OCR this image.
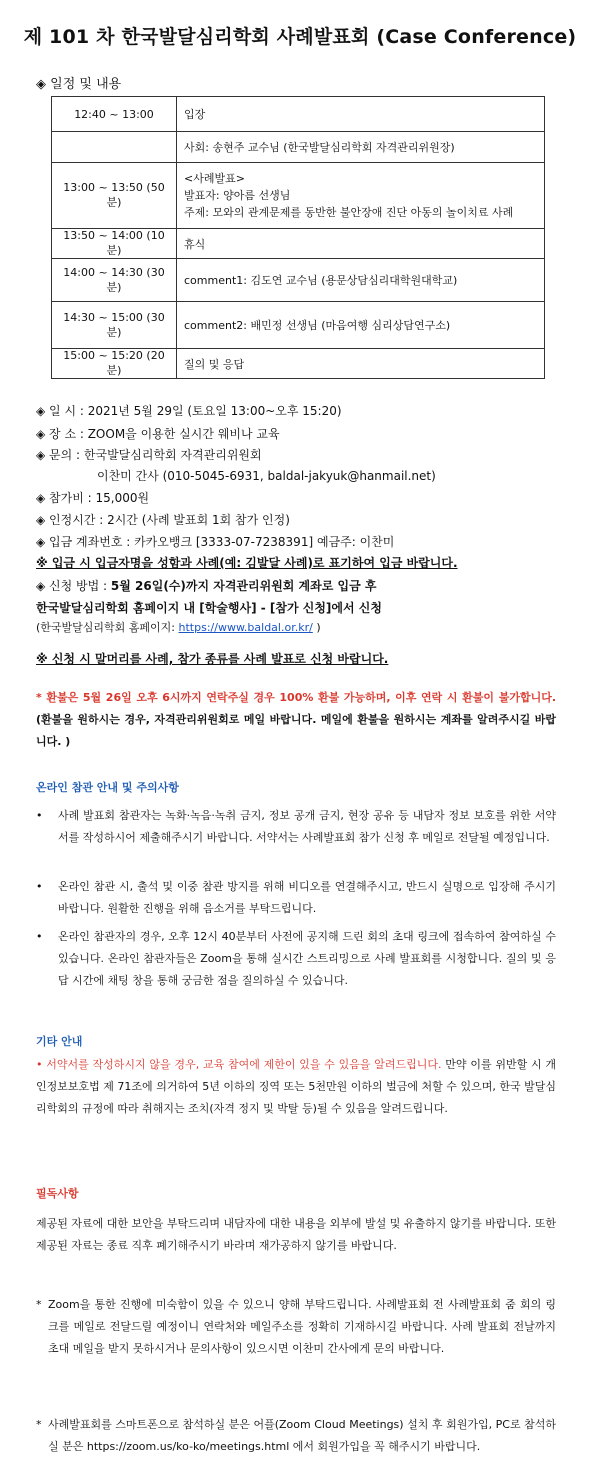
제 101 차 한국발달심리학회 사례발표회 (Case Conference)
◈ 일정 및 내용
12:40 ~ 13:00	입장
	사회: 송현주 교수님 (한국발달심리학회 자격관리위원장)
13:00 ~ 13:50 (50분)	<사례발표>
발표자: 양아름 선생님
주제: 모와의 관계문제를 동반한 불안장애 진단 아동의 놀이치료 사례

13:50 ~ 14:00 (10분)	휴식
14:00 ~ 14:30 (30분)	comment1: 김도연 교수님 (용문상담심리대학원대학교)
14:30 ~ 15:00 (30분)	comment2: 배민정 선생님 (마음여행 심리상담연구소)
15:00 ~ 15:20 (20분)	질의 및 응답
◈ 일 시 : 2021년 5월 29일 (토요일 13:00~오후 15:20)
◈ 장 소 : ZOOM을 이용한 실시간 웨비나 교육
◈ 문의 : 한국발달심리학회 자격관리위원회
이찬미 간사 (010-5045-6931, baldal-jakyuk@hanmail.net)
◈ 참가비 : 15,000원
◈ 인정시간 : 2시간 (사례 발표회 1회 참가 인정)
◈ 입금 계좌번호 : 카카오뱅크 [3333-07-7238391] 예금주: 이찬미
※ 입금 시 입금자명을 성함과 사례(예: 김발달 사례)로 표기하여 입금 바랍니다.
◈ 신청 방법 : 5월 26일(수)까지 자격관리위원회 계좌로 입금 후
한국발달심리학회 홈페이지 내 [학술행사] - [참가 신청]에서 신청
(한국발달심리학회 홈페이지: https://www.baldal.or.kr/ )
※ 신청 시 말머리를 사례, 참가 종류를 사례 발표로 신청 바랍니다.
* 환불은 5월 26일 오후 6시까지 연락주실 경우 100% 환불 가능하며, 이후 연락 시 환불이 불가합니다. (환불을 원하시는 경우, 자격관리위원회로 메일 바랍니다. 메일에 환불을 원하시는 계좌를 알려주시길 바랍니다. )
온라인 참관 안내 및 주의사항
•	사례 발표회 참관자는 녹화·녹음·녹취 금지, 정보 공개 금지, 현장 공유 등 내담자 정보 보호를 위한 서약서를 작성하시어 제출해주시기 바랍니다. 서약서는 사례발표회 참가 신청 후 메일로 전달될 예정입니다.
•	온라인 참관 시, 출석 및 이중 참관 방지를 위해 비디오를 연결해주시고, 반드시 실명으로 입장해 주시기 바랍니다. 원활한 진행을 위해 음소거를 부탁드립니다.
•	온라인 참관자의 경우, 오후 12시 40분부터 사전에 공지해 드린 회의 초대 링크에 접속하여 참여하실 수 있습니다. 온라인 참관자들은 Zoom을 통해 실시간 스트리밍으로 사례 발표회를 시청합니다. 질의 및 응답 시간에 채팅 창을 통해 궁금한 점을 질의하실 수 있습니다.
기타 안내
• 서약서를 작성하시지 않을 경우, 교육 참여에 제한이 있을 수 있음을 알려드립니다. 만약 이를 위반할 시 개인정보보호법 제 71조에 의거하여 5년 이하의 징역 또는 5천만원 이하의 벌금에 처할 수 있으며, 한국 발달심리학회의 규정에 따라 취해지는 조치(자격 정지 및 박탈 등)될 수 있음을 알려드립니다.
필독사항
제공된 자료에 대한 보안을 부탁드리며 내담자에 대한 내용을 외부에 발설 및 유출하지 않기를 바랍니다. 또한 제공된 자료는 종료 직후 폐기해주시기 바라며 재가공하지 않기를 바랍니다.
* Zoom을 통한 진행에 미숙함이 있을 수 있으니 양해 부탁드립니다. 사례발표회 전 사례발표회 줌 회의 링크를 메일로 전달드릴 예정이니 연락처와 메일주소를 정확히 기재하시길 바랍니다. 사례 발표회 전날까지 초대 메일을 받지 못하시거나 문의사항이 있으시면 이찬미 간사에게 문의 바랍니다.
* 사례발표회를 스마트폰으로 참석하실 분은 어플(Zoom Cloud Meetings) 설치 후 회원가입, PC로 참석하실 분은 https://zoom.us/ko-ko/meetings.html 에서 회원가입을 꼭 해주시기 바랍니다.
